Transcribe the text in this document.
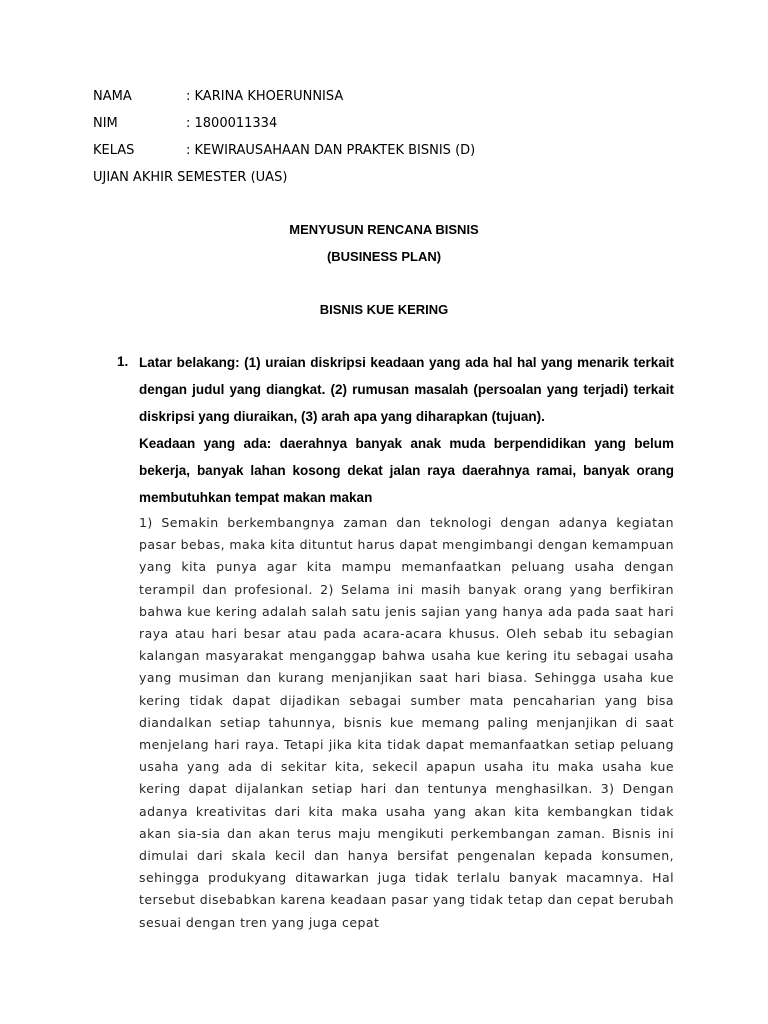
NAMA	: KARINA KHOERUNNISA
NIM	: 1800011334
KELAS	: KEWIRAUSAHAAN DAN PRAKTEK BISNIS (D)
UJIAN AKHIR SEMESTER (UAS)
MENYUSUN RENCANA BISNIS
(BUSINESS PLAN)
BISNIS KUE KERING
1. Latar belakang: (1) uraian diskripsi keadaan yang ada hal hal yang menarik terkait dengan judul yang diangkat. (2) rumusan masalah (persoalan yang terjadi) terkait diskripsi yang diuraikan, (3) arah apa yang diharapkan (tujuan).

Keadaan yang ada: daerahnya banyak anak muda berpendidikan yang belum bekerja, banyak lahan kosong dekat jalan raya daerahnya ramai, banyak orang membutuhkan tempat makan makan

1) Semakin berkembangnya zaman dan teknologi dengan adanya kegiatan pasar bebas, maka kita dituntut harus dapat mengimbangi dengan kemampuan yang kita punya agar kita mampu memanfaatkan peluang usaha dengan terampil dan profesional. 2) Selama ini masih banyak orang yang berfikiran bahwa kue kering adalah salah satu jenis sajian yang hanya ada pada saat hari raya atau hari besar atau pada acara-acara khusus. Oleh sebab itu sebagian kalangan masyarakat menganggap bahwa usaha kue kering itu sebagai usaha yang musiman dan kurang menjanjikan saat hari biasa. Sehingga usaha kue kering tidak dapat dijadikan sebagai sumber mata pencaharian yang bisa diandalkan setiap tahunnya, bisnis kue memang paling menjanjikan di saat menjelang hari raya. Tetapi jika kita tidak dapat memanfaatkan setiap peluang usaha yang ada di sekitar kita, sekecil apapun usaha itu maka usaha kue kering dapat dijalankan setiap hari dan tentunya menghasilkan. 3) Dengan adanya kreativitas dari kita maka usaha yang akan kita kembangkan tidak akan sia-sia dan akan terus maju mengikuti perkembangan zaman. Bisnis ini dimulai dari skala kecil dan hanya bersifat pengenalan kepada konsumen, sehingga produkyang ditawarkan juga tidak terlalu banyak macamnya. Hal tersebut disebabkan karena keadaan pasar yang tidak tetap dan cepat berubah sesuai dengan tren yang juga cepat
